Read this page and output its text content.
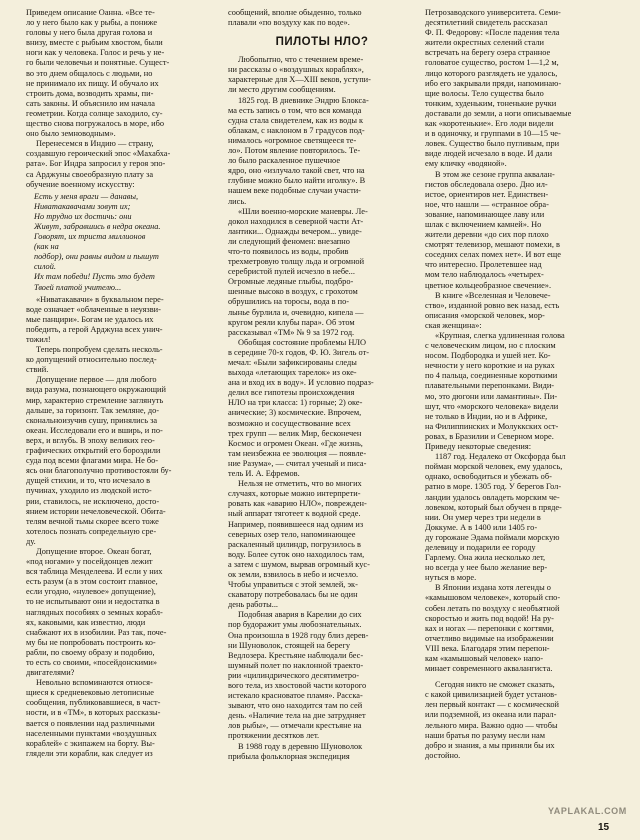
Приведем описание Оанна. «Все те-
ло у него было как у рыбы, а пониже
головы у него была другая голова и
внизу, вместе с рыбьим хвостом, были
ноги как у человека. Голос и речь у не-
го были человечьи и понятные. Сущест-
во это днем общалось с людьми, но
не принимало их пищу. И обучало их
строить дома, возводить храмы, пи-
сать законы. И объяснило им начала
геометрии. Когда солнце заходило, су-
щество снова погружалось в море, ибо
оно было земноводным».

Перенесемся в Индию — страну,
создавшую героический эпос «Махабха-
рата». Бог Индра запросил у героя эпо-
са Арджуны своеобразную плату за
обучение военному искусству:

Есть у меня враги — данавы,
Ниватакавачами зовут их;
Но трудно их достичь: они
Живут, забравшись в недра океана.
Говорят, их триста миллионов
(как на
подбор), они равны видом и пышут
силой.
Их там победи! Пусть это будет
Твоей платой учителю...

«Ниватакавачи» в буквальном пере-
воде означает «облаченные в неуязви-
мые панцири». Богам не удалось их
победить, а герой Арджуна всех унич-
тожил!

Теперь попробуем сделать несколь-
ко допущений относительно послед-
ствий.

Допущение первое — для любого
вида разума, познающего окружающий
мир, характерно стремление заглянуть
дальше, за горизонт. Так земляне, до-
скональноизучив сушу, принялись за
океан. Исследовали его и вширь, и по-
верх, и вглубь. В эпоху великих гео-
графических открытий его бороздили
суда под всеми флагами мира. Не бо-
ясь они благополучно противостояли бу-
дущей стихии, и то, что исчезало в
пучинах, уходило из людской исто-
рии, ставилось, не исключено, досто-
янием истории нечеловеческой. Обита-
телям вечной тьмы скорее всего тоже
хотелось познать сопредельную сре-
ду.

Допущение второе. Океан богат,
«под ногами» у посейдонцев лежит
вся таблица Менделеева. И если у них
есть разум (а в этом состоит главное,
если угодно, «нулевое» допущение),
то не испытывают они и недостатка в
наглядных пособиях о земных корабл-
ях, каковыми, как известно, люди
снабжают их в изобилии. Раз так, поче-
му бы не попробовать построить ко-
рабли, по своему образу и подобию,
то есть со своими, «посейдонскими»
двигателями?

Невольно вспоминаются относя-
щиеся к средневековью летописные
сообщения, публиковавшиеся, в част-
ности, и в «ТМ», в которых рассказы-
вается о появлении над различными
населенными пунктами «воздушных
кораблей» с экипажем на борту. Вы-
глядели эти корабли, как следует из

сообщений, вполне обыденно, только
плавали «по воздуху как по воде».

ПИЛОТЫ НЛО?

Любопытно, что с течением време-
ни рассказы о «воздушных кораблях»,
характерные для X—XIII веков, уступи-
ли место другим сообщениям.

1825 год. В дневнике Эндрю Блокса-
ма есть запись о том, что вся команда
судна стала свидетелем, как из воды к
облакам, с наклоном в 7 градусов под-
нималось «огромное светящееся те-
ло». Потом явление повторилось. Те-
ло было раскаленное пушечное
ядро, оно «излучало такой свет, что на
глубине можно было найти иголку». В
нашем веке подобные случаи участи-
лись.

«Шли военно-морские маневры. Ле-
докол находился в северной части Ат-
лантики... Однажды вечером... увиде-
ли следующий феномен: внезапно
что-то появилось из воды, пробив
трехметровую толщу льда и огромной
серебристой пулей исчезло в небе...
Огромные ледяные глыбы, подбро-
шенные высоко в воздух, с грохотом
обрушились на торосы, вода в по-
лынье бурлила и, очевидно, кипела —
кругом реяли клубы пара». Об этом
рассказывал «ТМ» № 9 за 1972 год.

Обобщая состояние проблемы НЛО
в середине 70-х годов, Ф. Ю. Зигель от-
мечал: «Были зафиксированы следы
выхода «летающих тарелок» из оке-
ана и вход их в воду». И условно подраз-
делил все гипотезы происхождения
НЛО на три класса: 1) горные; 2) оке-
анические; 3) космические. Впрочем,
возможно и сосуществование всех
трех групп — велик Мир, бесконечен
Космос и огромен Океан. «Где жизнь,
там неизбежна ее эволюция — появле-
ние Разума», — считал ученый и писа-
тель И. А. Ефремов.

Нельзя не отметить, что во многих
случаях, которые можно интерпрети-
ровать как «аварию НЛО», поврежден-
ный аппарат тяготеет к водной среде.
Например, появившееся над одним из
северных озер тело, напоминающее
раскаленный цилиндр, погрузилось в
воду. Более суток оно находилось там,
а затем с шумом, вырвав огромный кус-
ок земли, взвилось в небо и исчезло.
Чтобы управиться с этой землей, эк-
скаватору потребовалась бы не один
день работы...

Подобная авария в Карелии до сих
пор будоражит умы любознательных.
Она произошла в 1928 году близ дерев-
ни Шуноволок, стоящей на берегу
Ведлозера. Крестьяне наблюдали бес-
шумный полет по наклонной траекто-
рии «цилиндрического десятиметро-
вого тела, из хвостовой части которого
истекало красноватое пламя». Расска-
зывают, что оно находится там по сей
день. «Наличие тела на дне затрудняет
лов рыбы», — отмечали крестьяне на
протяжении десятков лет.

В 1988 году в деревню Шуноволок
прибыла фольклорная экспедиция

Петрозаводского университета. Семи-
десятилетний свидетель рассказал
Ф. П. Федорову: «После падения тела
жители окрестных селений стали
встречать на берегу озера странное
головатое существо, ростом 1—1,2 м,
лицо которого разглядеть не удалось,
ибо его закрывали пряди, напоминаю-
щие волосы. Тело существа было
тонким, худеньким, тоненькие ручки
доставали до земли, а ноги описываемые
как «коротенькие». Его лоди видели
и в одиночку, и группами в 10—15 че-
ловек. Существо было пугливым, при
виде людей исчезало в воде. И дали
ему кличку «водяной».

В этом же сезоне группа аквалан-
гистов обследовала озеро. Дно ил-
истое, ориентиров нет. Единствен-
ное, что нашли — «странное обра-
зование, напоминающее лаву или
шлак с включением камней». Но
жители деревни «до сих пор плохо
смотрят телевизор, мешают помехи, в
соседних селах помех нет». И вот еще
что интересно. Пролетевшее над
мом тело наблюдалось «четырех-
цветное кольцеобразное свечение».

В книге «Вселенная и Человече-
ство», изданной ровно век назад, есть
описания «морской человек, мор-
ская женщина»:

«Крупная, слегка удлиненная голова
с человеческим лицом, но с плоским
носом. Подбородка и ушей нет. Ко-
нечности у него короткие и на руках
по 4 пальца, соединенные короткими
плавательными перепонками. Види-
мо, это дюгони или ламантины». Пи-
шут, что «морского человека» видели
не только в Индии, но и в Африке,
на Филиппинских и Молуккских ост-
ровах, в Бразилии и Северном море.
Приведу некоторые сведения:

1187 год. Недалеко от Оксфорда был
пойман морской человек, ему удалось,
однако, освободиться и убежать об-
ратно в море. 1305 год. У берегов Гол-
ландии удалось овладеть морским че-
ловеком, который был обучен в пряде-
нии. Он умер через три недели в
Доккуме. А в 1400 или 1405 го-
ду горожане Эдама поймали морскую
делевицу и подарили ее городу
Гарлему. Она жила несколько лет,
но всегда у нее было желание вер-
нуться в море.

В Японии издана хотя легенды о
«камышовом человеке», который спо-
собен летать по воздуху с необъятной
скоростью и жить под водой! На ру-
ках и ногах — перепонки с когтями,
отчетливо видимые на изображении
VIII века. Благодаря этим перепон-
кам «камышовый человек» напо-
минает современного аквалангиста.

Сегодня никто не сможет сказать,
с какой цивилизацией будет установ-
лен первый контакт — с космической
или подземной, из океана или парал-
лельного мира. Важно одно — чтобы
наши братья по разуму несли нам
добро и знания, а мы приняли бы их
достойно.

YAPLAKAL.COM
15
